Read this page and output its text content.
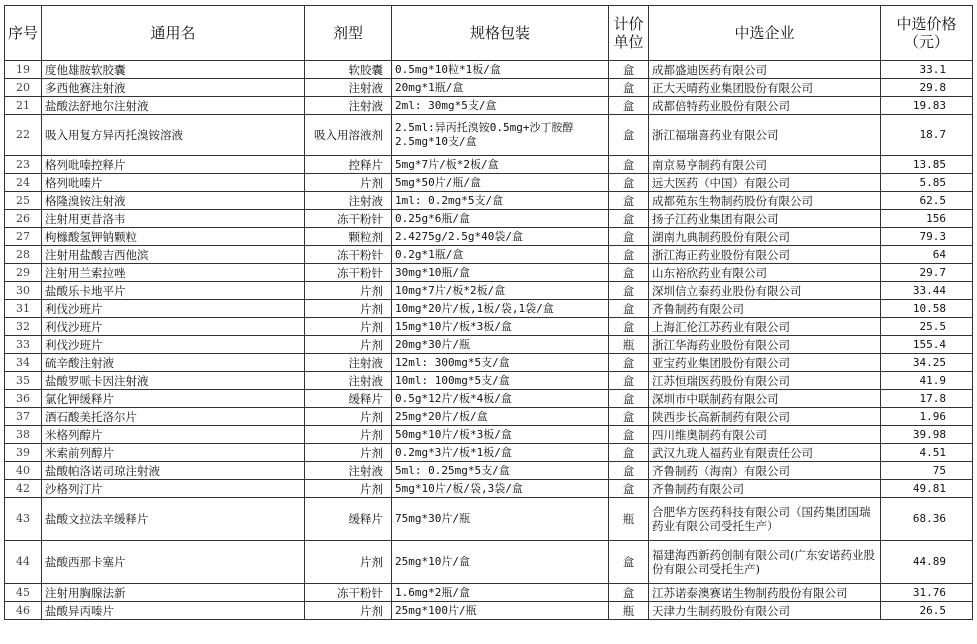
序号	通用名	剂型	规格包装	计价单位	中选企业	中选价格（元）
19	度他雄胺软胶囊	软胶囊	0.5mg*10粒*1板/盒	盒	成都盛迪医药有限公司	33.1
20	多西他赛注射液	注射液	20mg*1瓶/盒	盒	正大天晴药业集团股份有限公司	29.8
21	盐酸法舒地尔注射液	注射液	2ml: 30mg*5支/盒	盒	成都倍特药业股份有限公司	19.83
22	吸入用复方异丙托溴铵溶液	吸入用溶液剂	2.5ml:异丙托溴铵0.5mg+沙丁胺醇2.5mg*10支/盒	盒	浙江福瑞喜药业有限公司	18.7
23	格列吡嗪控释片	控释片	5mg*7片/板*2板/盒	盒	南京易亨制药有限公司	13.85
24	格列吡嗪片	片剂	5mg*50片/瓶/盒	盒	远大医药（中国）有限公司	5.85
25	格隆溴铵注射液	注射液	1ml: 0.2mg*5支/盒	盒	成都苑东生物制药股份有限公司	62.5
26	注射用更昔洛韦	冻干粉针	0.25g*6瓶/盒	盒	扬子江药业集团有限公司	156
27	枸橼酸氢钾钠颗粒	颗粒剂	2.4275g/2.5g*40袋/盒	盒	湖南九典制药股份有限公司	79.3
28	注射用盐酸吉西他滨	冻干粉针	0.2g*1瓶/盒	盒	浙江海正药业股份有限公司	64
29	注射用兰索拉唑	冻干粉针	30mg*10瓶/盒	盒	山东裕欣药业有限公司	29.7
30	盐酸乐卡地平片	片剂	10mg*7片/板*2板/盒	盒	深圳信立泰药业股份有限公司	33.44
31	利伐沙班片	片剂	10mg*20片/板,1板/袋,1袋/盒	盒	齐鲁制药有限公司	10.58
32	利伐沙班片	片剂	15mg*10片/板*3板/盒	盒	上海汇伦江苏药业有限公司	25.5
33	利伐沙班片	片剂	20mg*30片/瓶	瓶	浙江华海药业股份有限公司	155.4
34	硫辛酸注射液	注射液	12ml: 300mg*5支/盒	盒	亚宝药业集团股份有限公司	34.25
35	盐酸罗哌卡因注射液	注射液	10ml: 100mg*5支/盒	盒	江苏恒瑞医药股份有限公司	41.9
36	氯化钾缓释片	缓释片	0.5g*12片/板*4板/盒	盒	深圳市中联制药有限公司	17.8
37	酒石酸美托洛尔片	片剂	25mg*20片/板/盒	盒	陕西步长高新制药有限公司	1.96
38	米格列醇片	片剂	50mg*10片/板*3板/盒	盒	四川维奥制药有限公司	39.98
39	米索前列醇片	片剂	0.2mg*3片/板*1板/盒	盒	武汉九珑人福药业有限责任公司	4.51
40	盐酸帕洛诺司琼注射液	注射液	5ml: 0.25mg*5支/盒	盒	齐鲁制药（海南）有限公司	75
42	沙格列汀片	片剂	5mg*10片/板/袋,3袋/盒	盒	齐鲁制药有限公司	49.81
43	盐酸文拉法辛缓释片	缓释片	75mg*30片/瓶	瓶	合肥华方医药科技有限公司（国药集团国瑞药业有限公司受托生产）	68.36
44	盐酸西那卡塞片	片剂	25mg*10片/盒	盒	福建海西新药创制有限公司(广东安诺药业股份有限公司受托生产)	44.89
45	注射用胸腺法新	冻干粉针	1.6mg*2瓶/盒	盒	江苏诺泰澳赛诺生物制药股份有限公司	31.76
46	盐酸异丙嗪片	片剂	25mg*100片/瓶	瓶	天津力生制药股份有限公司	26.5
